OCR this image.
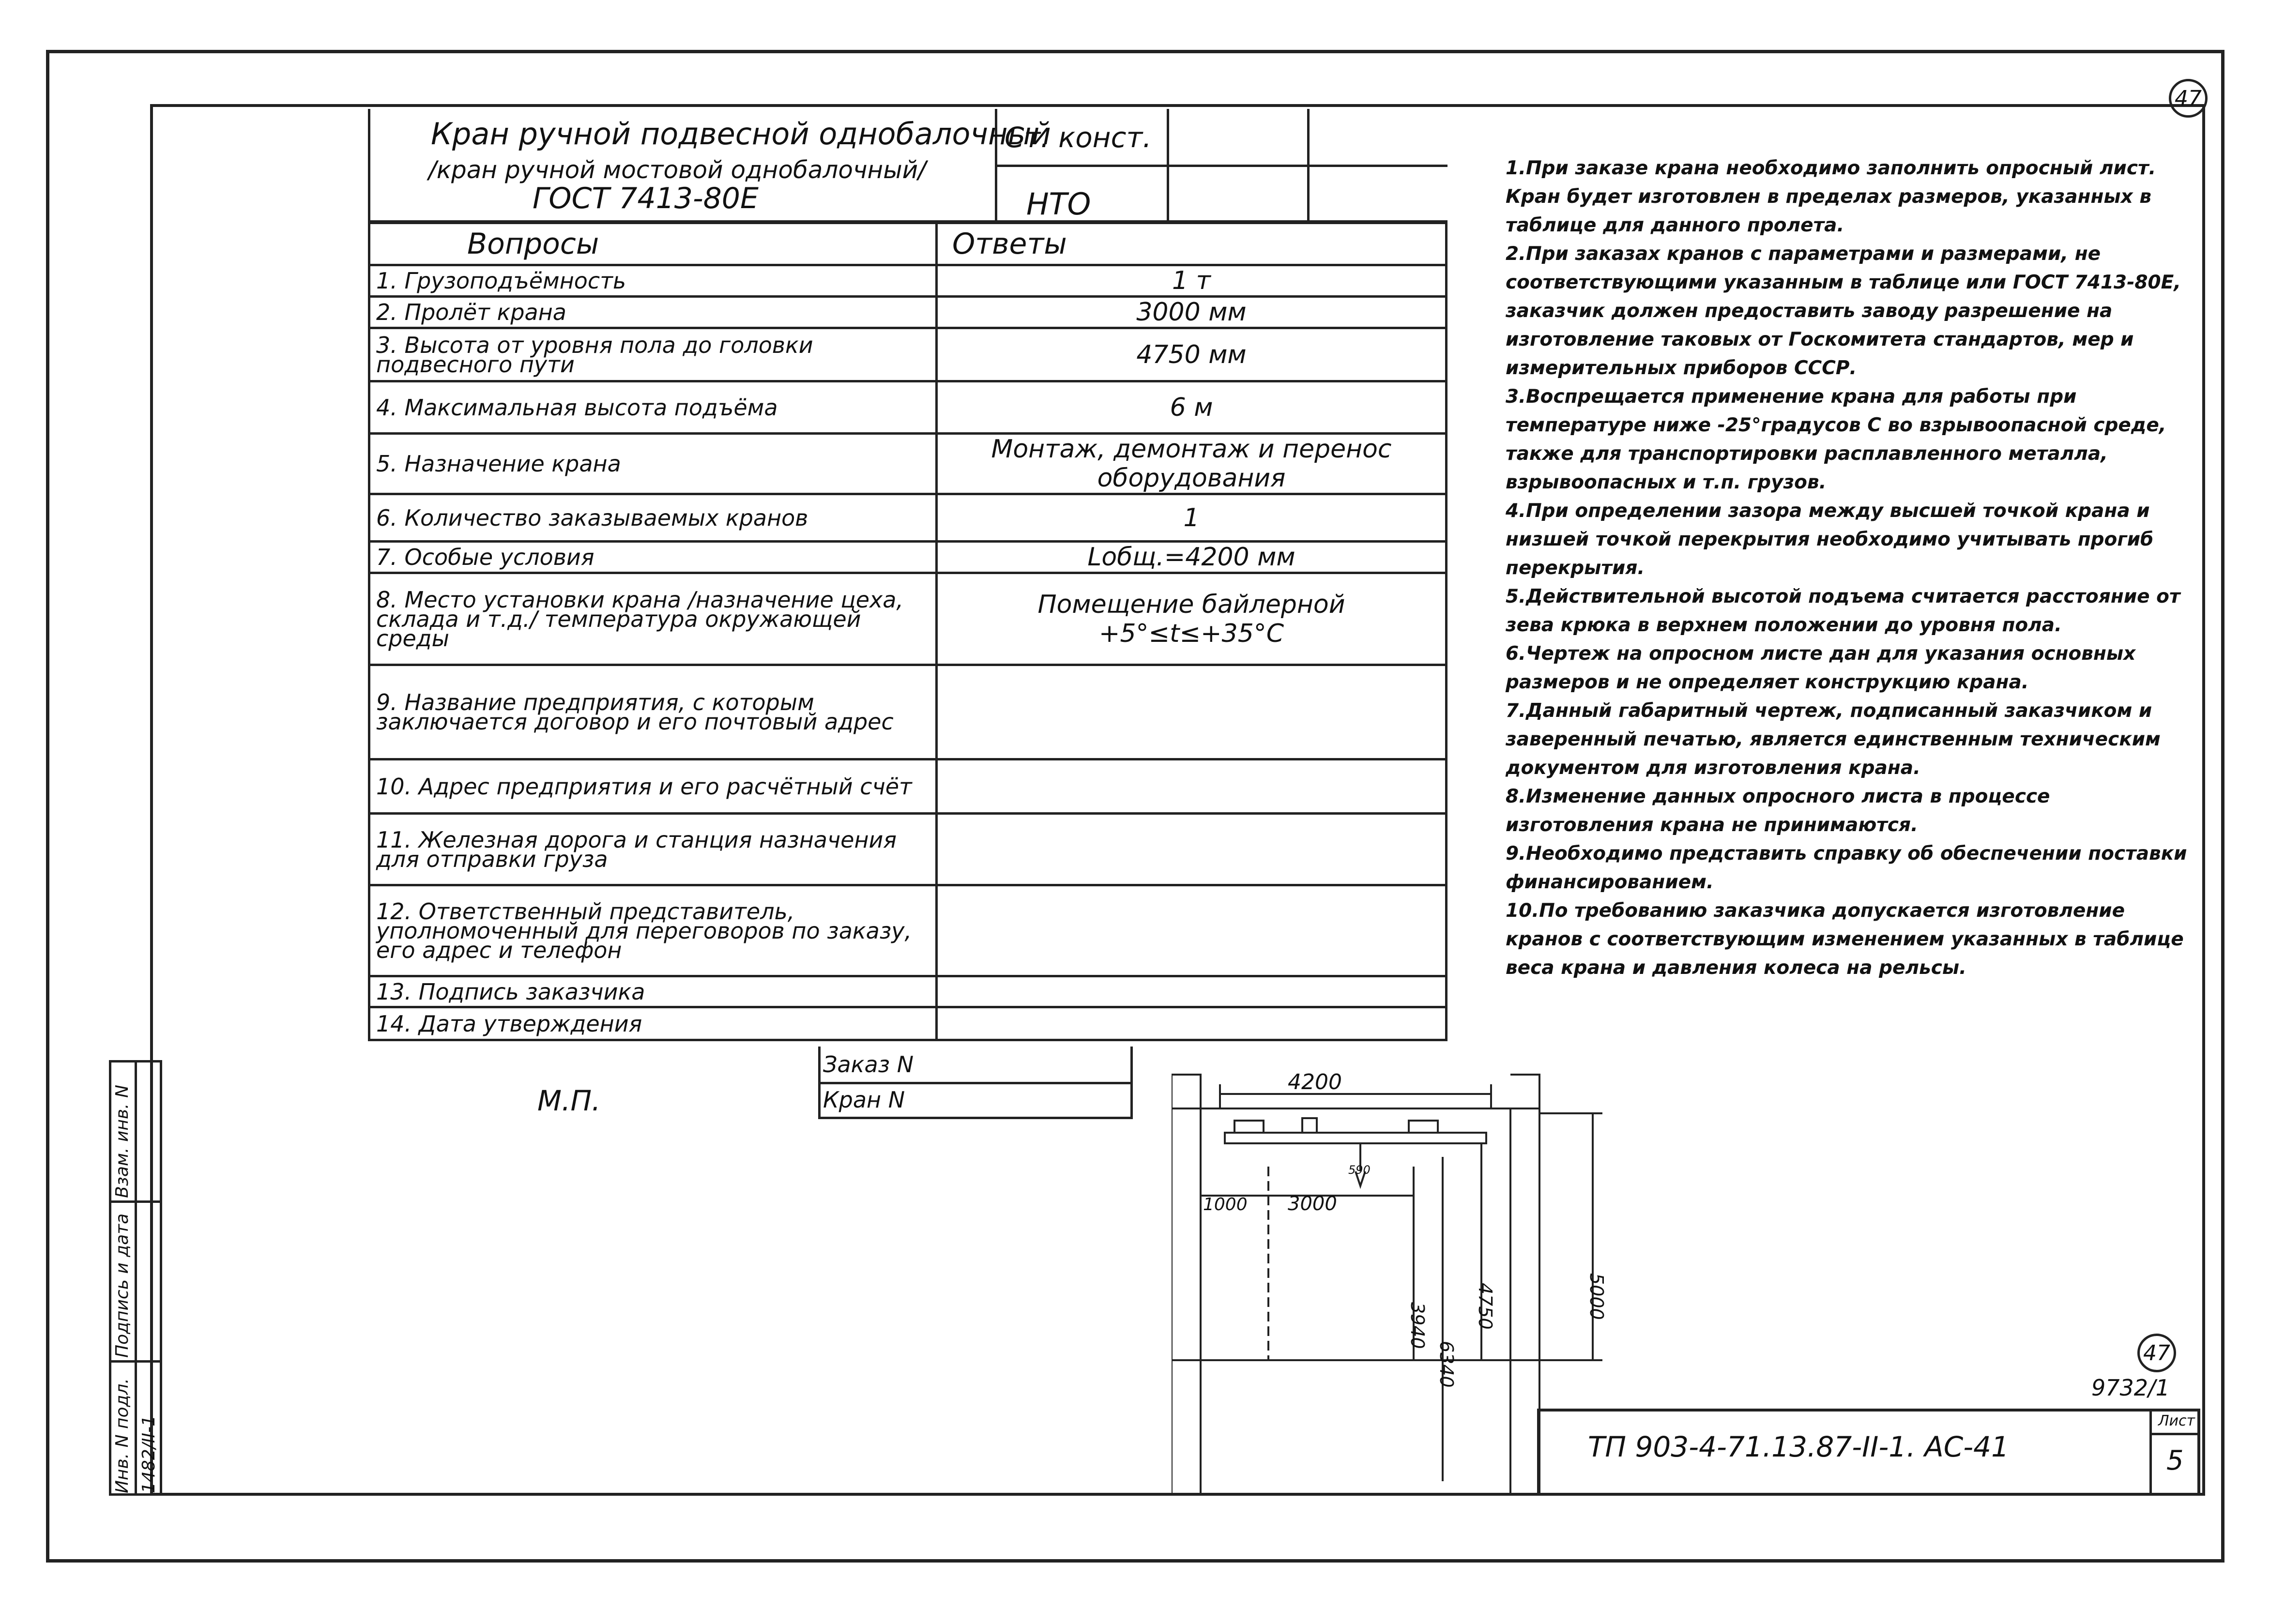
Кран ручной подвесной однобалочный
/кран ручной мостовой однобалочный/
ГОСТ 7413-80Е
Ст. конст.
НТО
Вопросы	Ответы
1. Грузоподъёмность	1 т
2. Пролёт крана	3000 мм
3. Высота от уровня пола до головки подвесного пути	4750 мм
4. Максимальная высота подъёма	6 м
5. Назначение крана	Монтаж, демонтаж и перенос оборудования
6. Количество заказываемых кранов	1
7. Особые условия	Lобщ.=4200 мм
8. Место установки крана /назначение цеха, склада и т.д./ температура окружающей среды	Помещение байлерной
+5°≤t≤+35°C

9. Название предприятия, с которым заключается договор и его почтовый адрес	
10. Адрес предприятия и его расчётный счёт	
11. Железная дорога и станция назначения для отправки груза	
12. Ответственный представитель, уполномоченный для переговоров по заказу, его адрес и телефон	
13. Подпись заказчика	
14. Дата утверждения	
Заказ N
Кран N
М.П.
1.При заказе крана необходимо заполнить опросный лист. Кран будет изготовлен в пределах размеров, указанных в таблице для данного пролета.
2.При заказах кранов с параметрами и размерами, не соответствующими указанным в таблице или ГОСТ 7413-80Е, заказчик должен предоставить заводу разрешение на изготовление таковых от Госкомитета стандартов, мер и измерительных приборов СССР.
3.Воспрещается применение крана для работы при температуре ниже -25°градусов С во взрывоопасной среде, также для транспортировки расплавленного металла, взрывоопасных и т.п. грузов.
4.При определении зазора между высшей точкой крана и низшей точкой перекрытия необходимо учитывать прогиб перекрытия.
5.Действительной высотой подъема считается расстояние от зева крюка в верхнем положении до уровня пола.
6.Чертеж на опросном листе дан для указания основных размеров и не определяет конструкцию крана.
7.Данный габаритный чертеж, подписанный заказчиком и заверенный печатью, является единственным техническим документом для изготовления крана.
8.Изменение данных опросного листа в процессе изготовления крана не принимаются.
9.Необходимо представить справку об обеспечении поставки финансированием.
10.По требованию заказчика допускается изготовление кранов с соответствующим изменением указанных в таблице веса крана и давления колеса на рельсы.
4200
1000 3000
590
3940
6340
4750	5000
ТП 903-4-71.13.87-II-1. АС-41
Лист
5
47
47
9732/1
Взам. инв. N
Подпись и дата
Инв. N подл. 1482/II-1
